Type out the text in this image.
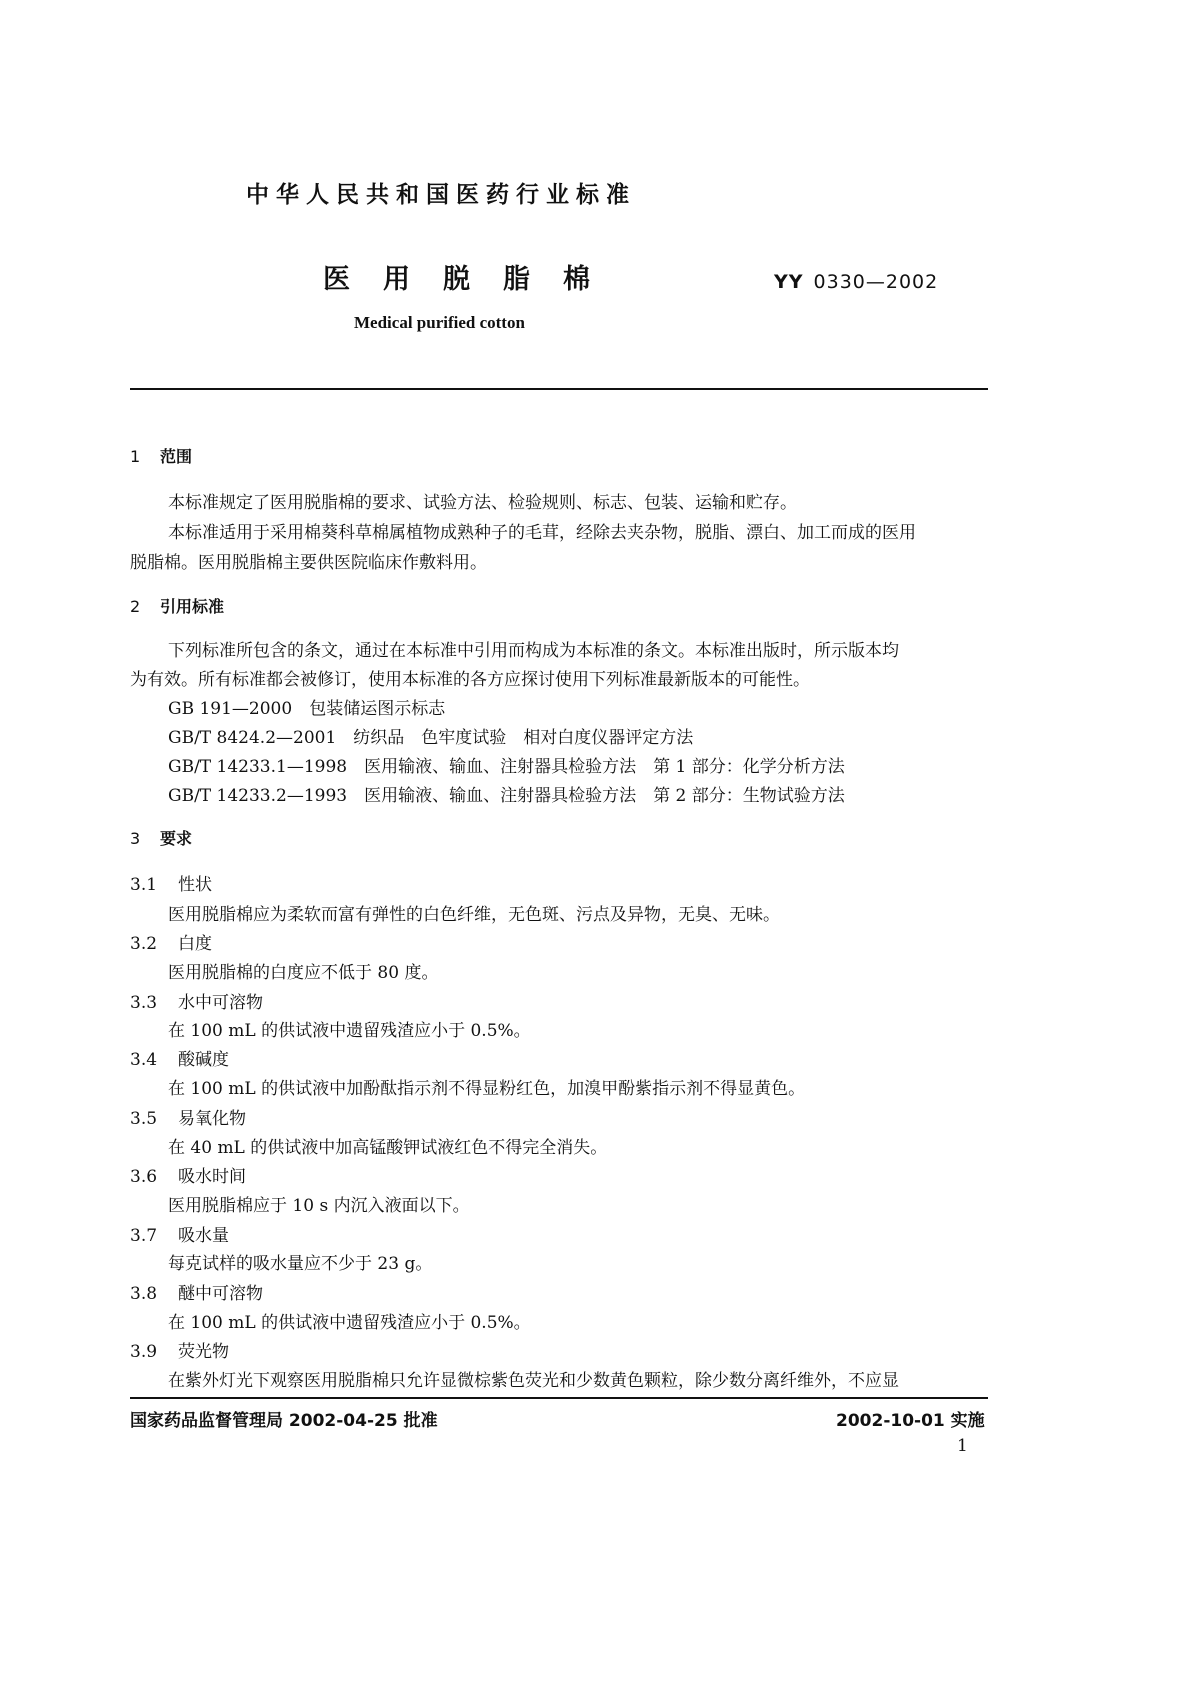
中华人民共和国医药行业标准
医用脱脂棉	YY 0330—2002
Medical purified cotton
1 范围
本标准规定了医用脱脂棉的要求、试验方法、检验规则、标志、包装、运输和贮存。
本标准适用于采用棉葵科草棉属植物成熟种子的毛茸，经除去夹杂物，脱脂、漂白、加工而成的医用
脱脂棉。医用脱脂棉主要供医院临床作敷料用。
2 引用标准
下列标准所包含的条文，通过在本标准中引用而构成为本标准的条文。本标准出版时，所示版本均
为有效。所有标准都会被修订，使用本标准的各方应探讨使用下列标准最新版本的可能性。
GB 191—2000　包装储运图示标志
GB/T 8424.2—2001　纺织品　色牢度试验　相对白度仪器评定方法
GB/T 14233.1—1998　医用输液、输血、注射器具检验方法　第 1 部分：化学分析方法
GB/T 14233.2—1993　医用输液、输血、注射器具检验方法　第 2 部分：生物试验方法
3 要求
3.1 性状
医用脱脂棉应为柔软而富有弹性的白色纤维，无色斑、污点及异物，无臭、无味。
3.2 白度
医用脱脂棉的白度应不低于 80 度。
3.3 水中可溶物
在 100 mL 的供试液中遗留残渣应小于 0.5%。
3.4 酸碱度
在 100 mL 的供试液中加酚酞指示剂不得显粉红色，加溴甲酚紫指示剂不得显黄色。
3.5 易氧化物
在 40 mL 的供试液中加高锰酸钾试液红色不得完全消失。
3.6 吸水时间
医用脱脂棉应于 10 s 内沉入液面以下。
3.7 吸水量
每克试样的吸水量应不少于 23 g。
3.8 醚中可溶物
在 100 mL 的供试液中遗留残渣应小于 0.5%。
3.9 荧光物
在紫外灯光下观察医用脱脂棉只允许显微棕紫色荧光和少数黄色颗粒，除少数分离纤维外，不应显
国家药品监督管理局 2002-04-25 批准	2002-10-01 实施
1
